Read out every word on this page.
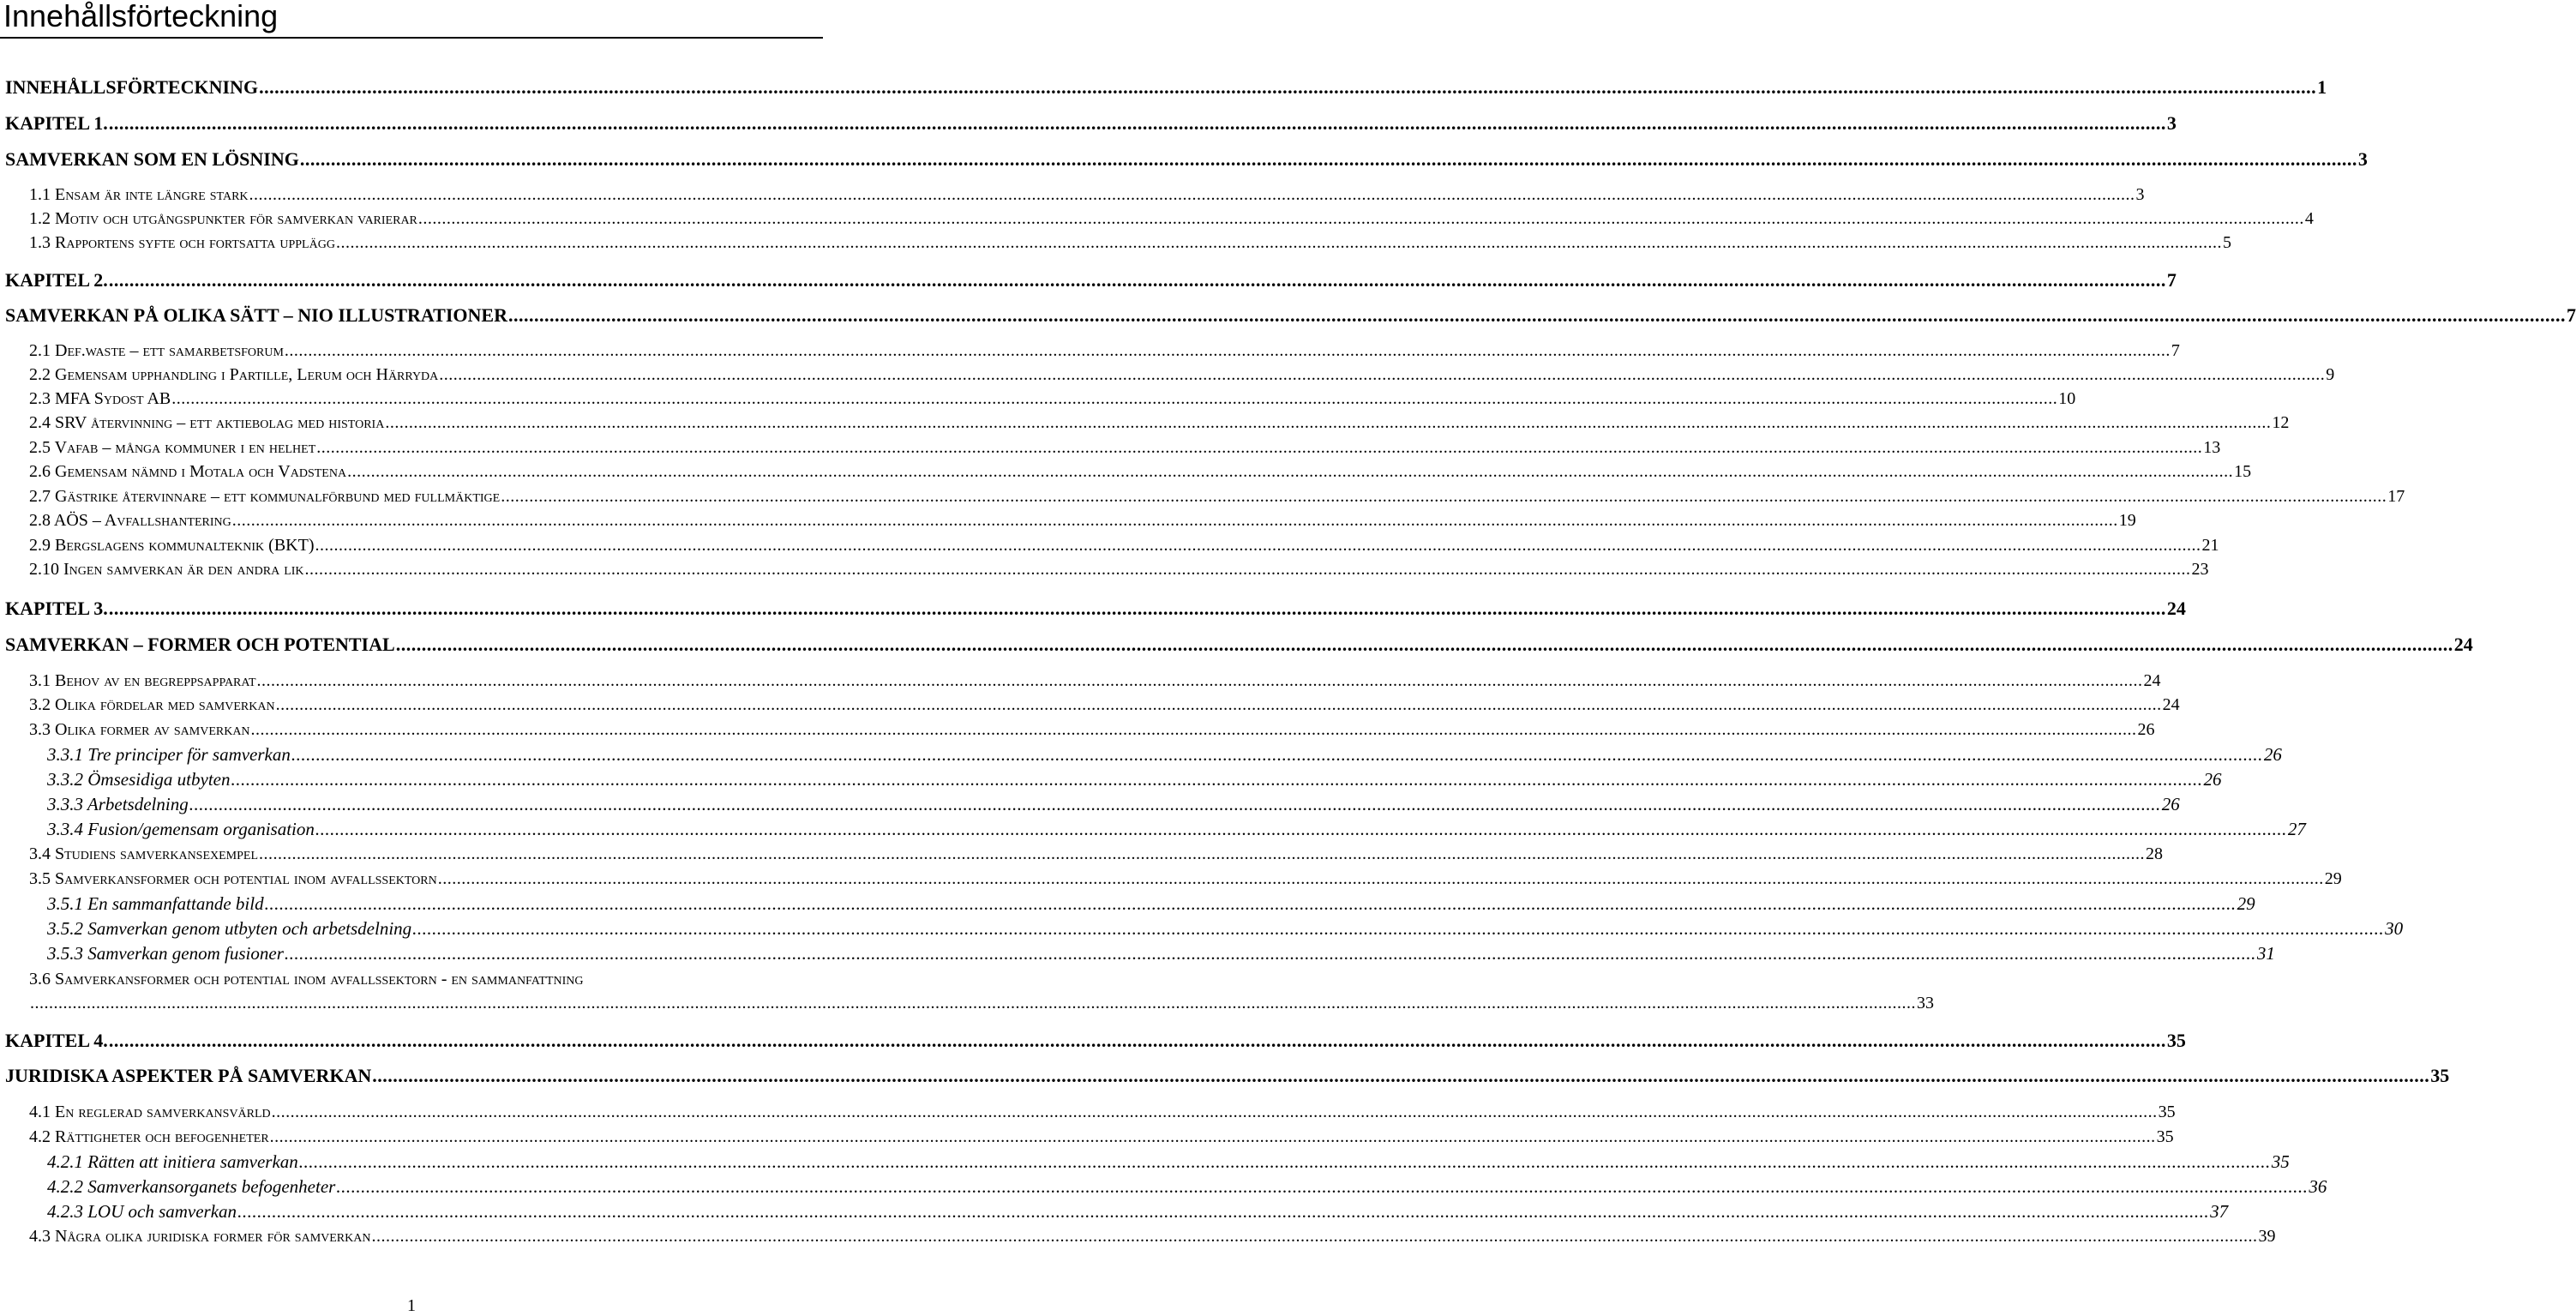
Innehållsförteckning
INNEHÅLLSFÖRTECKNING ................................................................................................................................................................................................................................................................................................................................................................................................................ 1
KAPITEL 1. ................................................................................................................................................................................................................................................................................................................................................................................................................ 3
SAMVERKAN SOM EN LÖSNING ................................................................................................................................................................................................................................................................................................................................................................................................................ 3
1.1 Ensam är inte längre stark ................................................................................................................................................................................................................................................................................................................................................................................................................ 3
1.2 Motiv och utgångspunkter för samverkan varierar ................................................................................................................................................................................................................................................................................................................................................................................................................ 4
1.3 Rapportens syfte och fortsatta upplägg ................................................................................................................................................................................................................................................................................................................................................................................................................ 5
KAPITEL 2. ................................................................................................................................................................................................................................................................................................................................................................................................................ 7
SAMVERKAN PÅ OLIKA SÄTT – NIO ILLUSTRATIONER ................................................................................................................................................................................................................................................................................................................................................................................................................ 7
2.1 Def.waste – ett samarbetsforum ................................................................................................................................................................................................................................................................................................................................................................................................................ 7
2.2 Gemensam upphandling i Partille, Lerum och Härryda ................................................................................................................................................................................................................................................................................................................................................................................................................ 9
2.3 MFA Sydost AB ................................................................................................................................................................................................................................................................................................................................................................................................................ 10
2.4 SRV återvinning – ett aktiebolag med historia ................................................................................................................................................................................................................................................................................................................................................................................................................ 12
2.5 Vafab – många kommuner i en helhet ................................................................................................................................................................................................................................................................................................................................................................................................................ 13
2.6 Gemensam nämnd i Motala och Vadstena ................................................................................................................................................................................................................................................................................................................................................................................................................ 15
2.7 Gästrike återvinnare – ett kommunalförbund med fullmäktige ................................................................................................................................................................................................................................................................................................................................................................................................................ 17
2.8 AÖS – Avfallshantering ................................................................................................................................................................................................................................................................................................................................................................................................................ 19
2.9 Bergslagens kommunalteknik (BKT) ................................................................................................................................................................................................................................................................................................................................................................................................................ 21
2.10 Ingen samverkan är den andra lik ................................................................................................................................................................................................................................................................................................................................................................................................................ 23
KAPITEL 3. ................................................................................................................................................................................................................................................................................................................................................................................................................ 24
SAMVERKAN – FORMER OCH POTENTIAL ................................................................................................................................................................................................................................................................................................................................................................................................................ 24
3.1 Behov av en begreppsapparat ................................................................................................................................................................................................................................................................................................................................................................................................................ 24
3.2 Olika fördelar med samverkan ................................................................................................................................................................................................................................................................................................................................................................................................................ 24
3.3 Olika former av samverkan ................................................................................................................................................................................................................................................................................................................................................................................................................ 26
3.3.1 Tre principer för samverkan ................................................................................................................................................................................................................................................................................................................................................................................................................ 26
3.3.2 Ömsesidiga utbyten ................................................................................................................................................................................................................................................................................................................................................................................................................ 26
3.3.3 Arbetsdelning ................................................................................................................................................................................................................................................................................................................................................................................................................ 26
3.3.4 Fusion/gemensam organisation ................................................................................................................................................................................................................................................................................................................................................................................................................ 27
3.4 Studiens samverkansexempel ................................................................................................................................................................................................................................................................................................................................................................................................................ 28
3.5 Samverkansformer och potential inom avfallssektorn ................................................................................................................................................................................................................................................................................................................................................................................................................ 29
3.5.1 En sammanfattande bild ................................................................................................................................................................................................................................................................................................................................................................................................................ 29
3.5.2 Samverkan genom utbyten och arbetsdelning ................................................................................................................................................................................................................................................................................................................................................................................................................ 30
3.5.3 Samverkan genom fusioner ................................................................................................................................................................................................................................................................................................................................................................................................................ 31
3.6 Samverkansformer och potential inom avfallssektorn - en sammanfattning
................................................................................................................................................................................................................................................................................................................................................................................................................ 33
KAPITEL 4. ................................................................................................................................................................................................................................................................................................................................................................................................................ 35
JURIDISKA ASPEKTER PÅ SAMVERKAN ................................................................................................................................................................................................................................................................................................................................................................................................................ 35
4.1 En reglerad samverkansvärld ................................................................................................................................................................................................................................................................................................................................................................................................................ 35
4.2 Rättigheter och befogenheter ................................................................................................................................................................................................................................................................................................................................................................................................................ 35
4.2.1 Rätten att initiera samverkan ................................................................................................................................................................................................................................................................................................................................................................................................................ 35
4.2.2 Samverkansorganets befogenheter ................................................................................................................................................................................................................................................................................................................................................................................................................ 36
4.2.3 LOU och samverkan ................................................................................................................................................................................................................................................................................................................................................................................................................ 37
4.3 Några olika juridiska former för samverkan ................................................................................................................................................................................................................................................................................................................................................................................................................ 39
1
